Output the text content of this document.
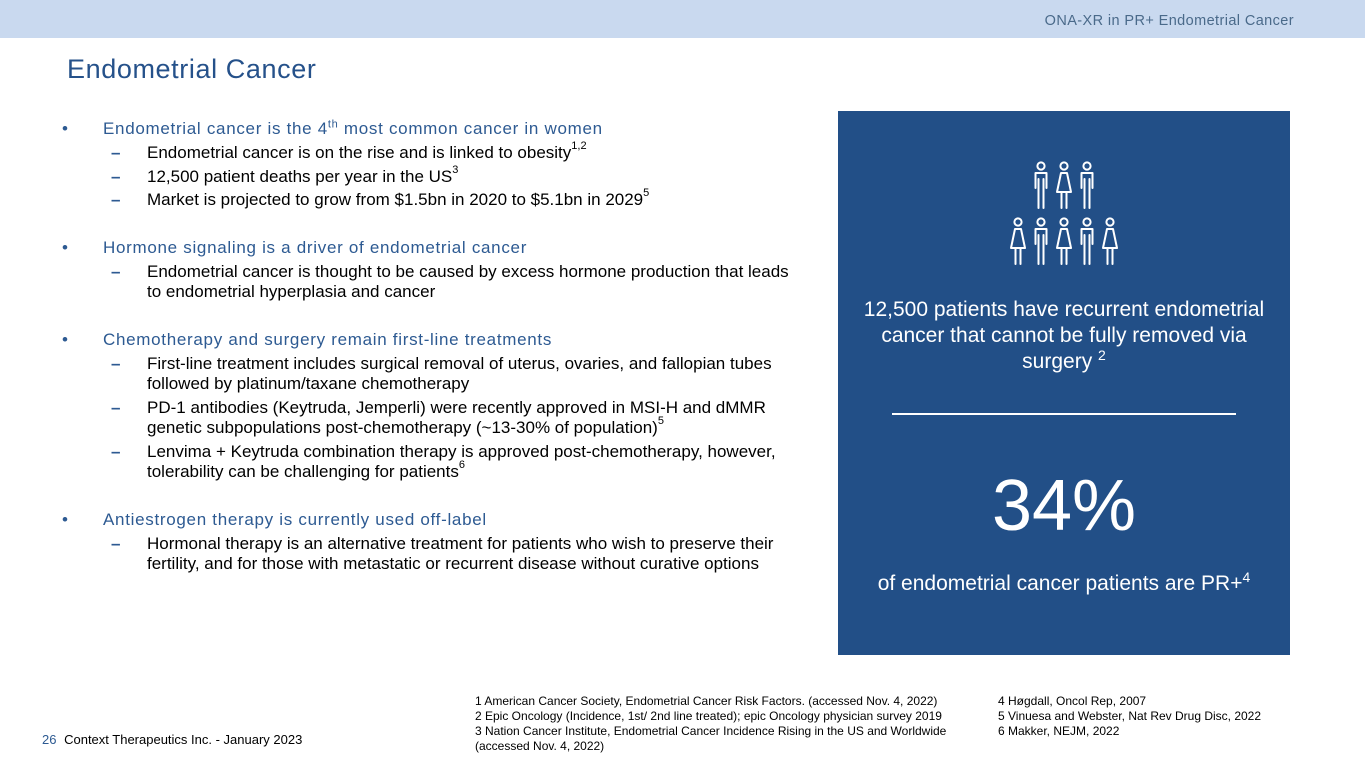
ONA-XR in PR+ Endometrial Cancer
Endometrial Cancer
• Endometrial cancer is the 4th most common cancer in women
– Endometrial cancer is on the rise and is linked to obesity$^{1,2}$
– 12,500 patient deaths per year in the $US^3$
– Market is projected to grow from $1.5bn in 2020 to $5.1bn in 2029$^5$
• Hormone signaling is a driver of endometrial cancer
– Endometrial cancer is thought to be caused by excess hormone production that leads to endometrial hyperplasia and cancer
• Chemotherapy and surgery remain first-line treatments
– First-line treatment includes surgical removal of uterus, ovaries, and fallopian tubes followed by platinum/taxane chemotherapy
– PD-1 antibodies (Keytruda, Jemperli) were recently approved in MSI-H and dMMR genetic subpopulations post-chemotherapy (~13-30% of population)$^5$
– Lenvima + Keytruda combination therapy is approved post-chemotherapy, however, tolerability can be challenging for patients$^6$
• Antiestrogen therapy is currently used off-label
– Hormonal therapy is an alternative treatment for patients who wish to preserve their fertility, and for those with metastatic or recurrent disease without curative options
12,500 patients have recurrent endometrial cancer that cannot be fully removed via surgery $^2$
34%
of endometrial cancer patients are PR+$^4$
26 Context Therapeutics Inc. - January 2023
1 American Cancer Society, Endometrial Cancer Risk Factors. (accessed Nov. 4, 2022)
2 Epic Oncology (Incidence, 1st/ 2nd line treated); epic Oncology physician survey 2019
3 Nation Cancer Institute, Endometrial Cancer Incidence Rising in the US and Worldwide (accessed Nov. 4, 2022)
4 Høgdall, Oncol Rep, 2007
5 Vinuesa and Webster, Nat Rev Drug Disc, 2022
6 Makker, NEJM, 2022
